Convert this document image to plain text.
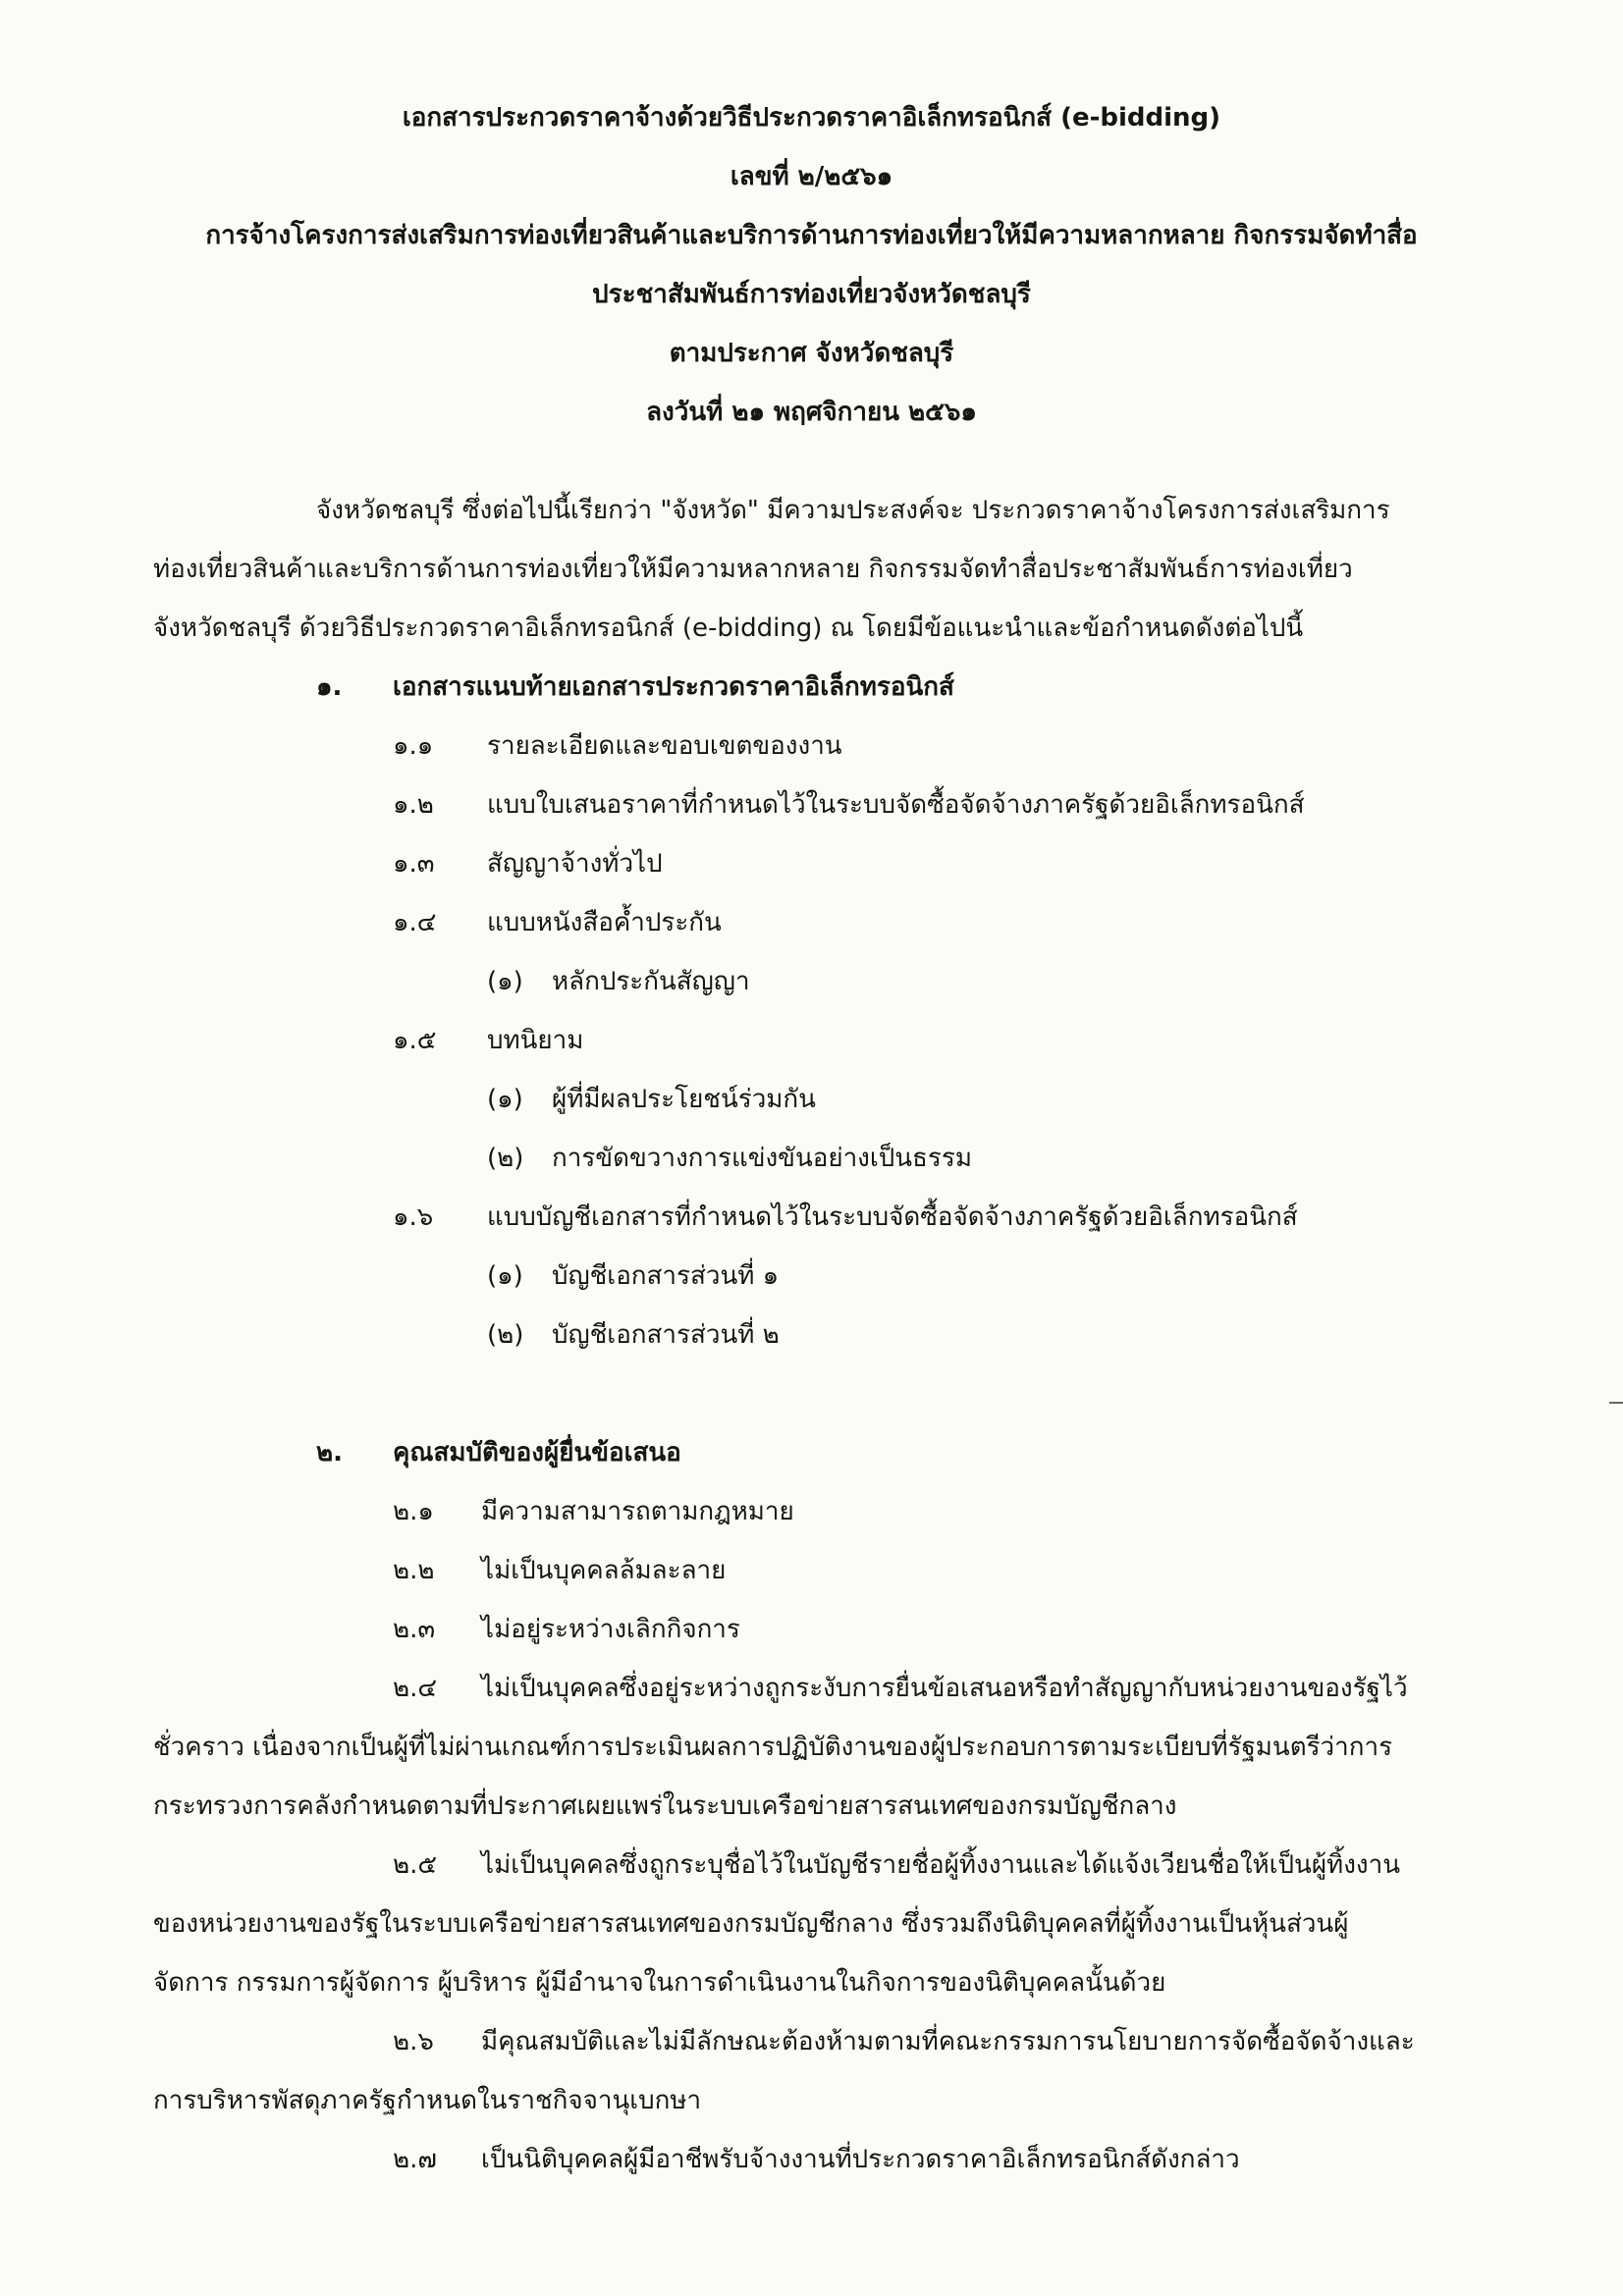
เอกสารประกวดราคาจ้างด้วยวิธีประกวดราคาอิเล็กทรอนิกส์ (e-bidding)
เลขที่ ๒/๒๕๖๑
การจ้างโครงการส่งเสริมการท่องเที่ยวสินค้าและบริการด้านการท่องเที่ยวให้มีความหลากหลาย กิจกรรมจัดทำสื่อ
ประชาสัมพันธ์การท่องเที่ยวจังหวัดชลบุรี
ตามประกาศ จังหวัดชลบุรี
ลงวันที่ ๒๑ พฤศจิกายน ๒๕๖๑
จังหวัดชลบุรี ซึ่งต่อไปนี้เรียกว่า "จังหวัด" มีความประสงค์จะ ประกวดราคาจ้างโครงการส่งเสริมการ
ท่องเที่ยวสินค้าและบริการด้านการท่องเที่ยวให้มีความหลากหลาย กิจกรรมจัดทำสื่อประชาสัมพันธ์การท่องเที่ยว
จังหวัดชลบุรี ด้วยวิธีประกวดราคาอิเล็กทรอนิกส์ (e-bidding) ณ โดยมีข้อแนะนำและข้อกำหนดดังต่อไปนี้
๑. เอกสารแนบท้ายเอกสารประกวดราคาอิเล็กทรอนิกส์
๑.๑ รายละเอียดและขอบเขตของงาน
๑.๒ แบบใบเสนอราคาที่กำหนดไว้ในระบบจัดซื้อจัดจ้างภาครัฐด้วยอิเล็กทรอนิกส์
๑.๓ สัญญาจ้างทั่วไป
๑.๔ แบบหนังสือค้ำประกัน
(๑) หลักประกันสัญญา
๑.๕ บทนิยาม
(๑) ผู้ที่มีผลประโยชน์ร่วมกัน
(๒) การขัดขวางการแข่งขันอย่างเป็นธรรม
๑.๖ แบบบัญชีเอกสารที่กำหนดไว้ในระบบจัดซื้อจัดจ้างภาครัฐด้วยอิเล็กทรอนิกส์
(๑) บัญชีเอกสารส่วนที่ ๑
(๒) บัญชีเอกสารส่วนที่ ๒
๒. คุณสมบัติของผู้ยื่นข้อเสนอ
๒.๑ มีความสามารถตามกฎหมาย
๒.๒ ไม่เป็นบุคคลล้มละลาย
๒.๓ ไม่อยู่ระหว่างเลิกกิจการ
๒.๔ ไม่เป็นบุคคลซึ่งอยู่ระหว่างถูกระงับการยื่นข้อเสนอหรือทำสัญญากับหน่วยงานของรัฐไว้
ชั่วคราว เนื่องจากเป็นผู้ที่ไม่ผ่านเกณฑ์การประเมินผลการปฏิบัติงานของผู้ประกอบการตามระเบียบที่รัฐมนตรีว่าการ
กระทรวงการคลังกำหนดตามที่ประกาศเผยแพร่ในระบบเครือข่ายสารสนเทศของกรมบัญชีกลาง
๒.๕ ไม่เป็นบุคคลซึ่งถูกระบุชื่อไว้ในบัญชีรายชื่อผู้ทิ้งงานและได้แจ้งเวียนชื่อให้เป็นผู้ทิ้งงาน
ของหน่วยงานของรัฐในระบบเครือข่ายสารสนเทศของกรมบัญชีกลาง ซึ่งรวมถึงนิติบุคคลที่ผู้ทิ้งงานเป็นหุ้นส่วนผู้
จัดการ กรรมการผู้จัดการ ผู้บริหาร ผู้มีอำนาจในการดำเนินงานในกิจการของนิติบุคคลนั้นด้วย
๒.๖ มีคุณสมบัติและไม่มีลักษณะต้องห้ามตามที่คณะกรรมการนโยบายการจัดซื้อจัดจ้างและ
การบริหารพัสดุภาครัฐกำหนดในราชกิจจานุเบกษา
๒.๗ เป็นนิติบุคคลผู้มีอาชีพรับจ้างงานที่ประกวดราคาอิเล็กทรอนิกส์ดังกล่าว
